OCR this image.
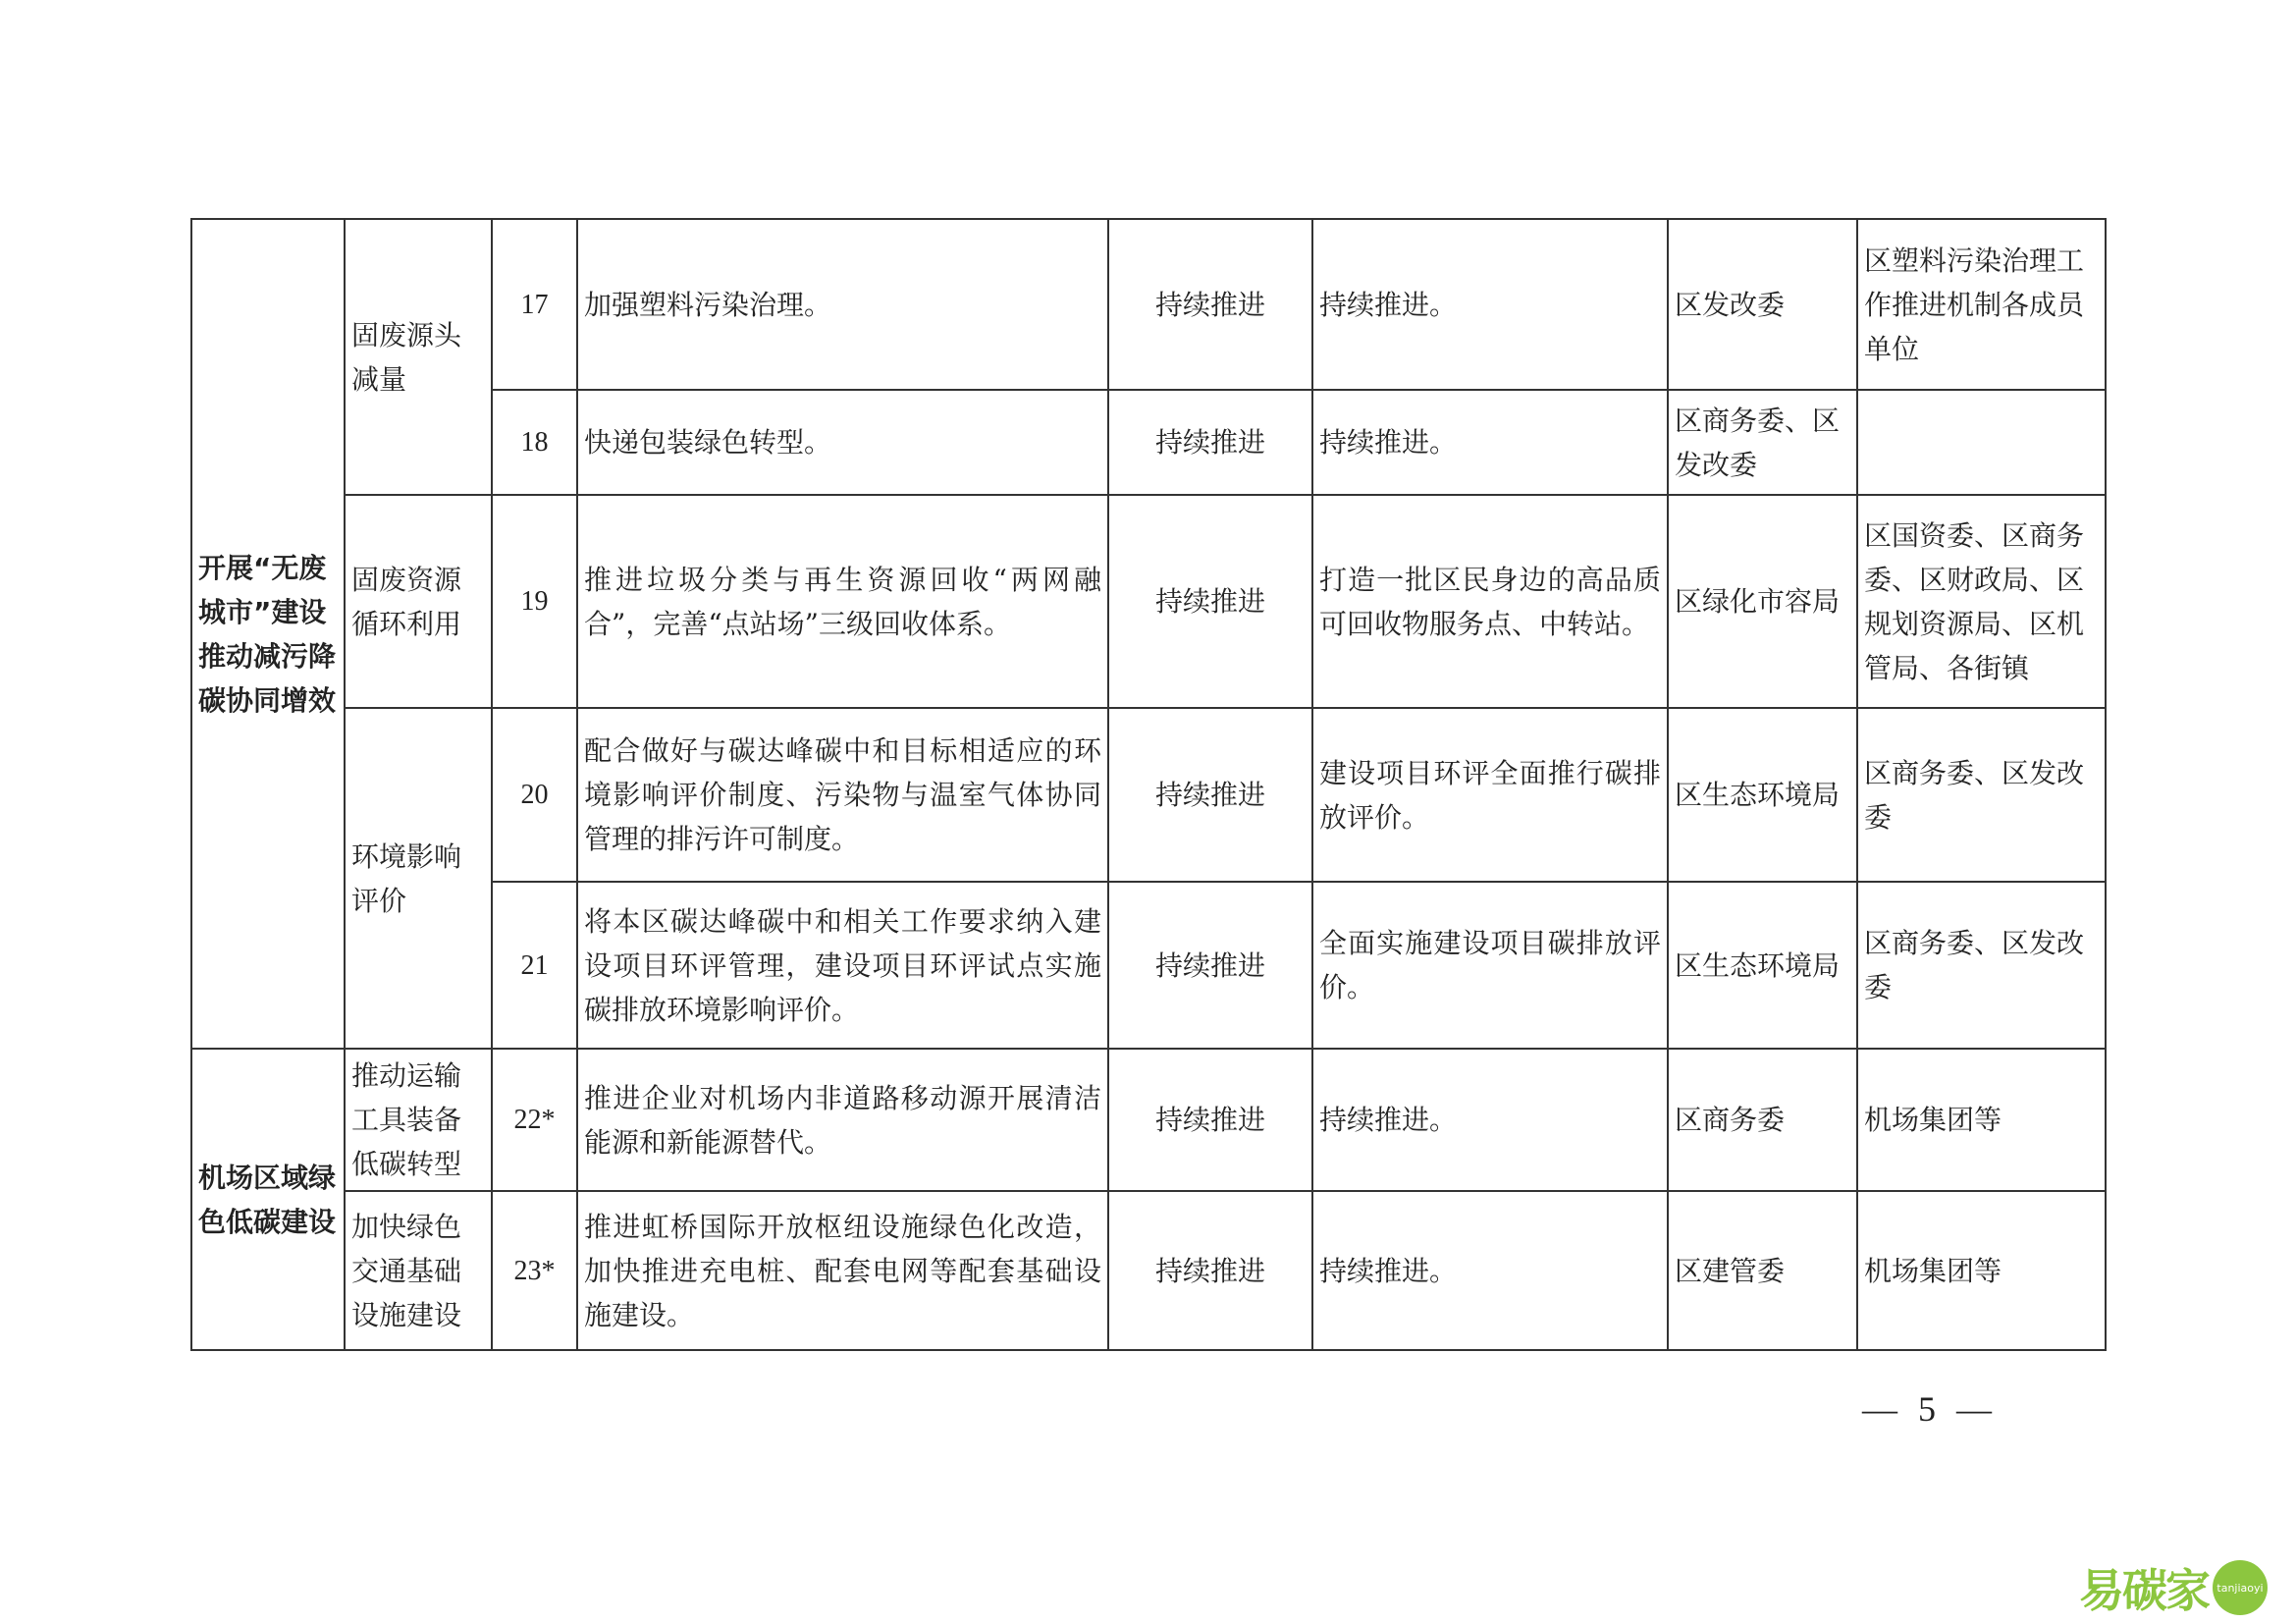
开展“无废城市”建设推动减污降碳协同增效	固废源头减量	17	加强塑料污染治理。	持续推进	持续推进。	区发改委	区塑料污染治理工作推进机制各成员单位
		18	快递包装绿色转型。	持续推进	持续推进。	区商务委、区发改委	
	固废资源循环利用	19	推进垃圾分类与再生资源回收“两网融合”，完善“点站场”三级回收体系。	持续推进	打造一批区民身边的高品质可回收物服务点、中转站。	区绿化市容局	区国资委、区商务委、区财政局、区规划资源局、区机管局、各街镇
	环境影响评价	20	配合做好与碳达峰碳中和目标相适应的环境影响评价制度、污染物与温室气体协同管理的排污许可制度。	持续推进	建设项目环评全面推行碳排放评价。	区生态环境局	区商务委、区发改委
		21	将本区碳达峰碳中和相关工作要求纳入建设项目环评管理，建设项目环评试点实施碳排放环境影响评价。	持续推进	全面实施建设项目碳排放评价。	区生态环境局	区商务委、区发改委
机场区域绿色低碳建设	推动运输工具装备低碳转型	22*	推进企业对机场内非道路移动源开展清洁能源和新能源替代。	持续推进	持续推进。	区商务委	机场集团等
	加快绿色交通基础设施建设	23*	推进虹桥国际开放枢纽设施绿色化改造，加快推进充电桩、配套电网等配套基础设施建设。	持续推进	持续推进。	区建管委	机场集团等
— 5 —
易碳家 tanjiaoyi
